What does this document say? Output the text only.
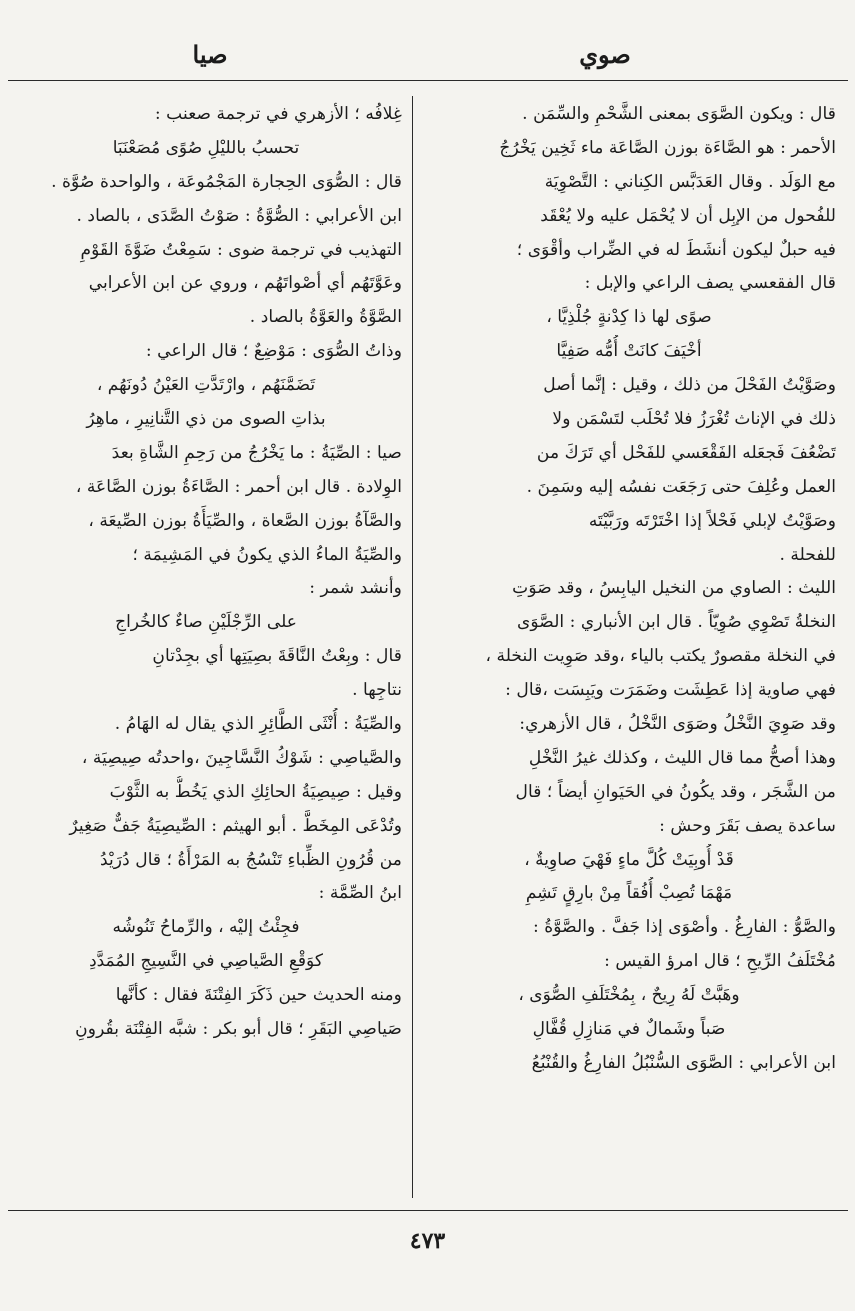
صوي
صيا
قال : ويكون الصَّوَى بمعنى الشَّحْمِ والسِّمَن .
الأحمر : هو الصَّاءَة بوزن الصَّاعَة ماء ثَخِين يَخْرُجُ
مع الوَلَد . وقال العَدَبَّس الكِناني : التَّصْوِيَة
للفُحول من الإبِل أن لا يُحْمَل عليه ولا يُعْقَد
فيه حبلٌ ليكون أنشَطَ له في الضِّراب وأقْوَى ؛
قال الفقعسي يصف الراعي والإبل :
صوًى لها ذا كِدْنةٍ جُلْذِيَّا ،
أخْيَفَ كانَتْ أُمُّه صَفِيَّا
وصَوَّيْتُ الفَحْلَ من ذلك ، وقيل : إنَّما أصل
ذلك في الإناث تُغْرَزُ فلا تُحْلَب لتَسْمَن ولا
تَضْعُفَ فَجعَله الفَقْعَسي للفَحْل أي تَرَكَ من
العمل وعُلِفَ حتى رَجَعَت نفسُه إليه وسَمِنَ .
وصَوَّيْتُ لإبلي فَحْلاً إذا اخْتَرْتَه ورَبَّيْتَه
للفحلة .
الليث : الصاوي من النخيل اليابِسُ ، وقد صَوَتِ
النخلةُ تَصْوِي صُوِيّاً . قال ابن الأنباري : الصَّوَى
في النخلة مقصورٌ يكتب بالياء ،وقد صَوِيت النخلة ،
فهي صاوية إذا عَطِشَت وضَمَرَت ويَبِسَت ،قال :
وقد صَوِيَ النَّخْلُ وصَوَى النَّخْلُ ، قال الأزهري:
وهذا أصحُّ مما قال الليث ، وكذلك غيرُ النَّخْلِ
من الشَّجَر ، وقد يكُونُ في الحَيَوانِ أيضاً ؛ قال
ساعدة يصف بَقَرَ وحش :
قَدْ أُوبِيَتْ كُلَّ ماءٍ فَهْيَ صاوِيةٌ ،
مَهْمَا تُصِبْ أُفُقاً مِنْ بارِقٍ تَشِمِ
والصَّوُّ : الفارِغُ . وأصْوَى إذا جَفَّ . والصَّوَّةُ :
مُخْتَلَفُ الرِّيحِ ؛ قال امرؤ القيس :
وهَبَّتْ لَهُ رِيحٌ ، بِمُخْتَلَفِ الصُّوَى ،
صَباً وشَمالٌ في مَنازِلِ قُفَّالِ
ابن الأعرابي : الصَّوَى السُّنْبُلُ الفارِغُ والقُنْبُعُ
غِلافُه ؛ الأزهري في ترجمة صعنب :
تحسبُ بالليْلِ صُوًى مُصَعْنَبَا
قال : الصُّوَى الحِجارة المَجْمُوعَة ، والواحدة صُوَّة .
ابن الأعرابي : الصُّوَّةُ : صَوْتُ الصَّدَى ، بالصاد .
التهذيب في ترجمة ضوى : سَمِعْتُ ضَوَّةَ القَوْمِ
وعَوَّتَهُم أي أصْواتَهُم ، وروي عن ابن الأعرابي
الصَّوَّةُ والعَوَّةُ بالصاد .
وذاتُ الصُّوَى : مَوْضِعٌ ؛ قال الراعي :
تَضَمَّنَهُم ، وارْتَدَّتِ العَيْنُ دُونَهُم ،
بذاتِ الصوى من ذي التَّنانِيرِ ، ماهِرُ
صيا : الصِّيَةُ : ما يَخْرُجُ من رَحِمِ الشَّاةِ بعدَ
الوِلادة . قال ابن أحمر : الصَّاءَةُ بوزن الصَّاعَة ،
والصَّآةُ بوزن الصَّعاة ، والصِّيَأَةُ بوزن الصِّيعَة ،
والصِّيَةُ الماءُ الذي يكونُ في المَشِيمَة ؛
وأنشد شمر :
على الرِّجْلَيْنِ صاءٌ كالخُراجِ
قال : وبِعْتُ النَّاقَةَ بصِيَتِها أي بجِدْتانِ
نتاجِها .
والصِّيَةُ : أُنْثَى الطَّائِرِ الذي يقال له الهَامُ .
والصَّياصِي : شَوْكُ النَّسَّاجِينَ ،واحدتُه صِيصِيَة ،
وقيل : صِيصِيَةُ الحائِكِ الذي يَخُطُّ به الثَّوْبَ
وتُدْعَى المِخَطَّ . أبو الهيثم : الصِّيصِيَةُ جَفٌّ صَغِيرٌ
من قُرُونِ الظِّباءِ تَنْسُجُ به المَرْأَةُ ؛ قال دُرَيْدُ
ابنُ الصِّمَّة :
فجِئْتُ إليْه ، والرِّماحُ تَنُوشُه
كوَقْعِ الصَّياصِي في النَّسِيجِ المُمَدَّدِ
ومنه الحديث حين ذَكَرَ الفِتْنَةَ فقال : كأنَّها
صَياصِي البَقَرِ ؛ قال أبو بكر : شبَّه الفِتْنَة بقُرونِ
٤٧٣
